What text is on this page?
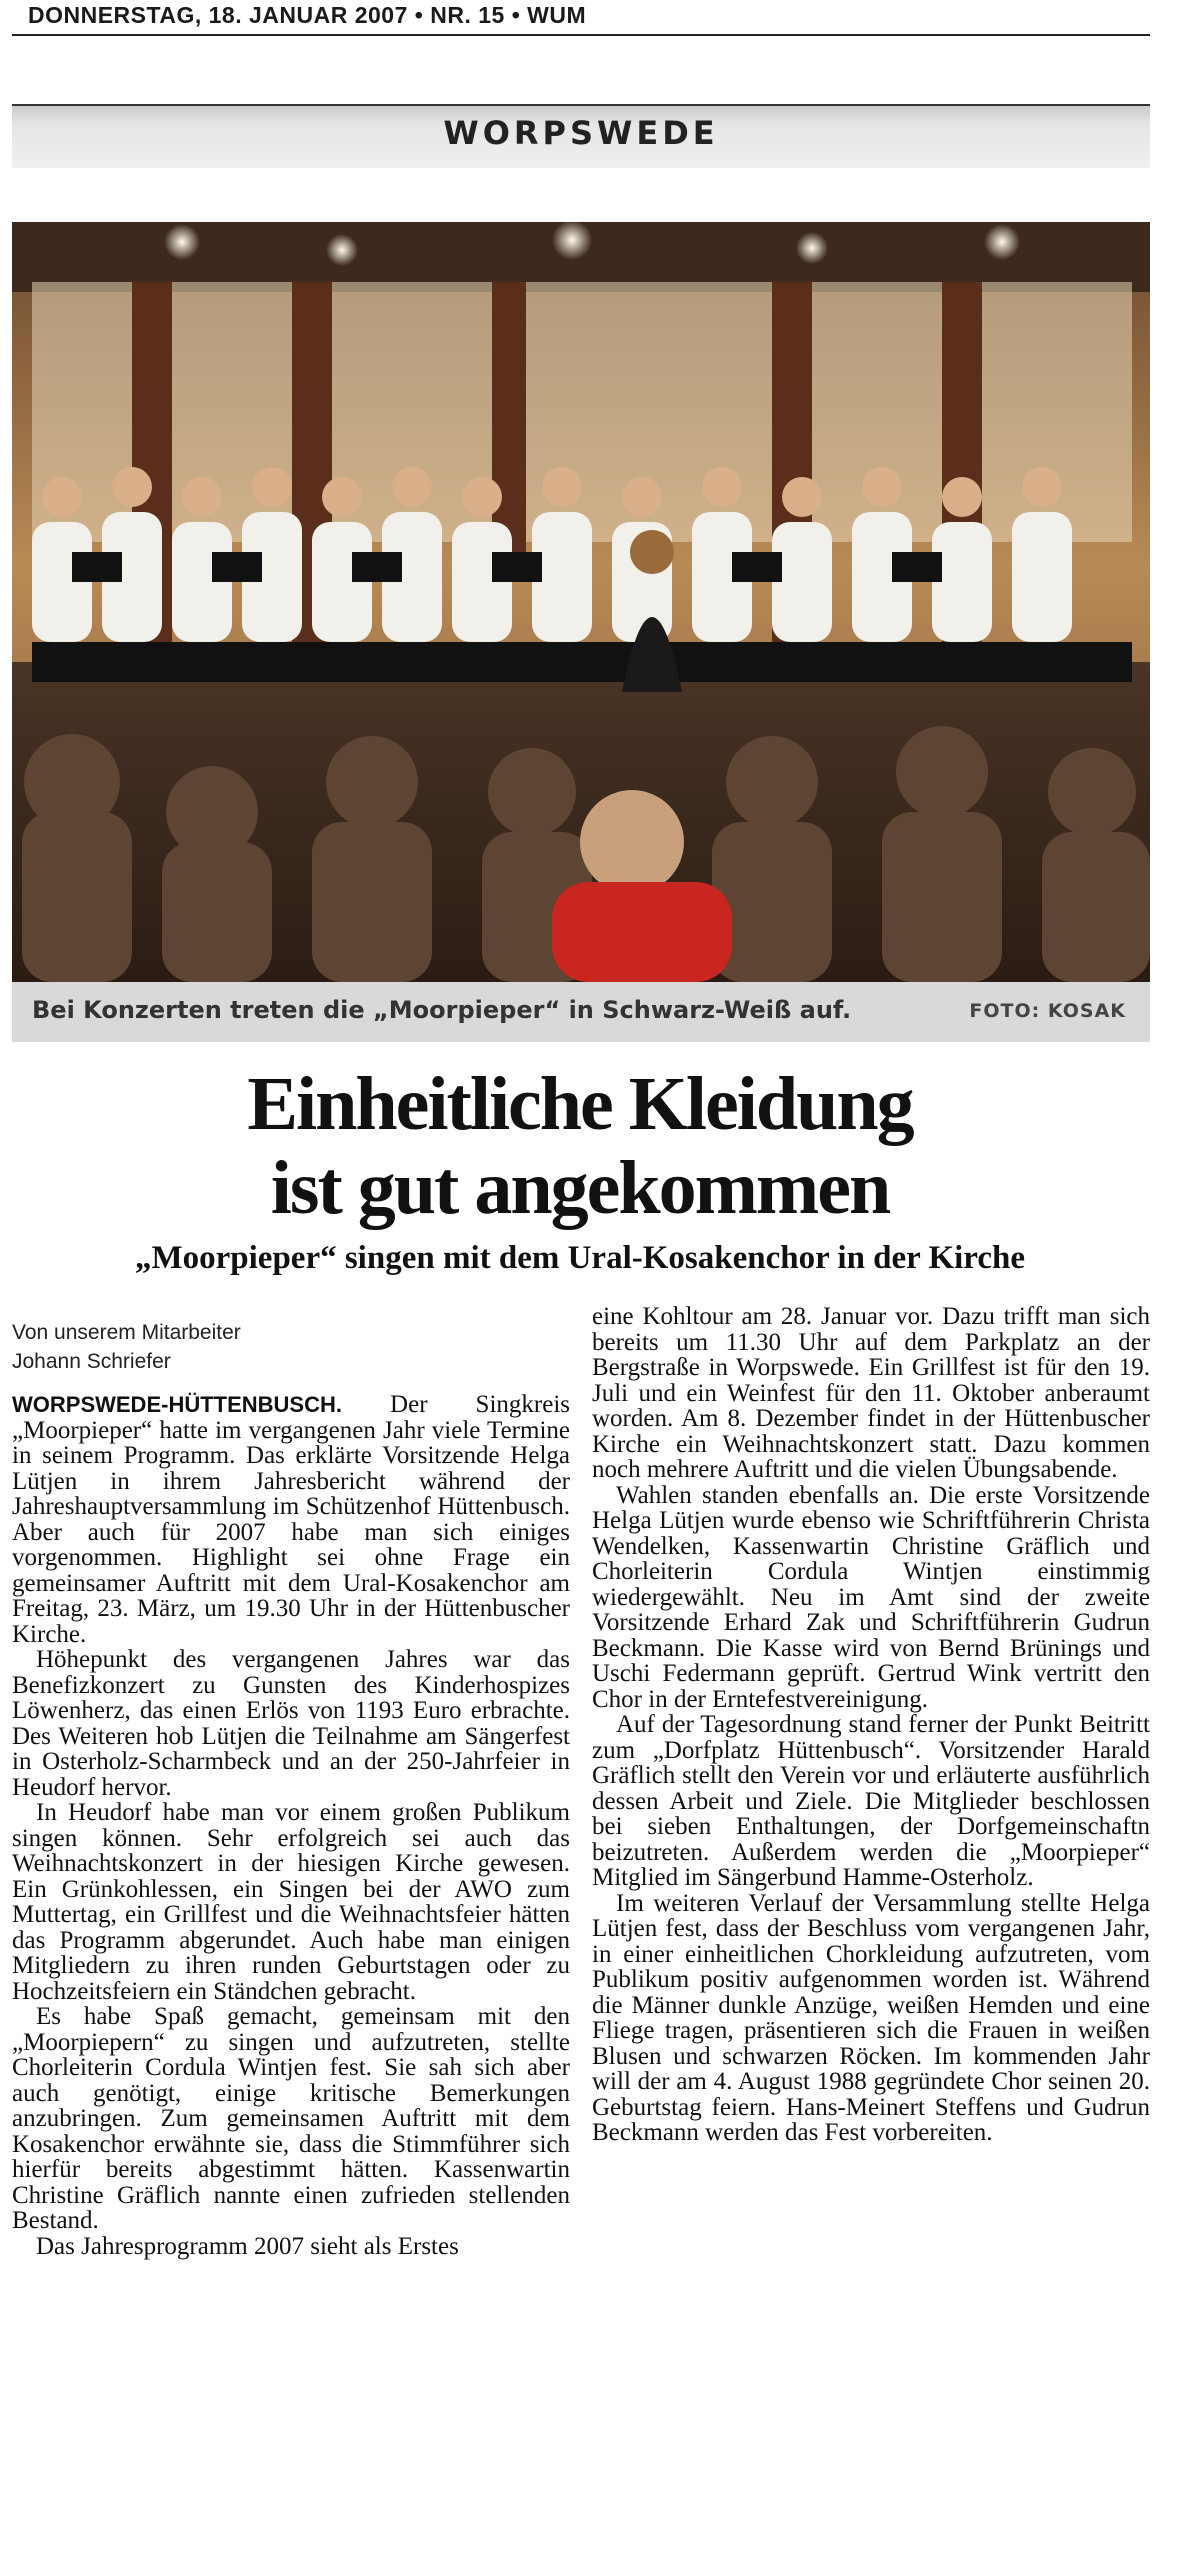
DONNERSTAG, 18. JANUAR 2007 • NR. 15 • WUM
WORPSWEDE
Bei Konzerten treten die „Moorpieper“ in Schwarz-Weiß auf.	FOTO: KOSAK
Einheitliche Kleidung
ist gut angekommen
„Moorpieper“ singen mit dem Ural-Kosakenchor in der Kirche
Von unserem Mitarbeiter
Johann Schriefer

WORPSWEDE-HÜTTENBUSCH. Der Singkreis „Moorpieper“ hatte im vergangenen Jahr viele Termine in seinem Programm. Das erklärte Vorsitzende Helga Lütjen in ihrem Jahresbericht während der Jahreshauptversammlung im Schützenhof Hüttenbusch. Aber auch für 2007 habe man sich einiges vorgenommen. Highlight sei ohne Frage ein gemeinsamer Auftritt mit dem Ural-Kosakenchor am Freitag, 23. März, um 19.30 Uhr in der Hüttenbuscher Kirche.

Höhepunkt des vergangenen Jahres war das Benefizkonzert zu Gunsten des Kinderhospizes Löwenherz, das einen Erlös von 1193 Euro erbrachte. Des Weiteren hob Lütjen die Teilnahme am Sängerfest in Osterholz-Scharmbeck und an der 250-Jahrfeier in Heudorf hervor.

In Heudorf habe man vor einem großen Publikum singen können. Sehr erfolgreich sei auch das Weihnachtskonzert in der hiesigen Kirche gewesen. Ein Grünkohlessen, ein Singen bei der AWO zum Muttertag, ein Grillfest und die Weihnachtsfeier hätten das Programm abgerundet. Auch habe man einigen Mitgliedern zu ihren runden Geburtstagen oder zu Hochzeitsfeiern ein Ständchen gebracht.

Es habe Spaß gemacht, gemeinsam mit den „Moorpiepern“ zu singen und aufzutreten, stellte Chorleiterin Cordula Wintjen fest. Sie sah sich aber auch genötigt, einige kritische Bemerkungen anzubringen. Zum gemeinsamen Auftritt mit dem Kosakenchor erwähnte sie, dass die Stimmführer sich hierfür bereits abgestimmt hätten. Kassenwartin Christine Gräflich nannte einen zufrieden stellenden Bestand.

Das Jahresprogramm 2007 sieht als Erstes

eine Kohltour am 28. Januar vor. Dazu trifft man sich bereits um 11.30 Uhr auf dem Parkplatz an der Bergstraße in Worpswede. Ein Grillfest ist für den 19. Juli und ein Weinfest für den 11. Oktober anberaumt worden. Am 8. Dezember findet in der Hüttenbuscher Kirche ein Weihnachtskonzert statt. Dazu kommen noch mehrere Auftritt und die vielen Übungsabende.

Wahlen standen ebenfalls an. Die erste Vorsitzende Helga Lütjen wurde ebenso wie Schriftführerin Christa Wendelken, Kassenwartin Christine Gräflich und Chorleiterin Cordula Wintjen einstimmig wiedergewählt. Neu im Amt sind der zweite Vorsitzende Erhard Zak und Schriftführerin Gudrun Beckmann. Die Kasse wird von Bernd Brünings und Uschi Federmann geprüft. Gertrud Wink vertritt den Chor in der Erntefestvereinigung.

Auf der Tagesordnung stand ferner der Punkt Beitritt zum „Dorfplatz Hüttenbusch“. Vorsitzender Harald Gräflich stellt den Verein vor und erläuterte ausführlich dessen Arbeit und Ziele. Die Mitglieder beschlossen bei sieben Enthaltungen, der Dorfgemeinschaftn beizutreten. Außerdem werden die „Moorpieper“ Mitglied im Sängerbund Hamme-Osterholz.

Im weiteren Verlauf der Versammlung stellte Helga Lütjen fest, dass der Beschluss vom vergangenen Jahr, in einer einheitlichen Chorkleidung aufzutreten, vom Publikum positiv aufgenommen worden ist. Während die Männer dunkle Anzüge, weißen Hemden und eine Fliege tragen, präsentieren sich die Frauen in weißen Blusen und schwarzen Röcken. Im kommenden Jahr will der am 4. August 1988 gegründete Chor seinen 20. Geburtstag feiern. Hans-Meinert Steffens und Gudrun Beckmann werden das Fest vorbereiten.
